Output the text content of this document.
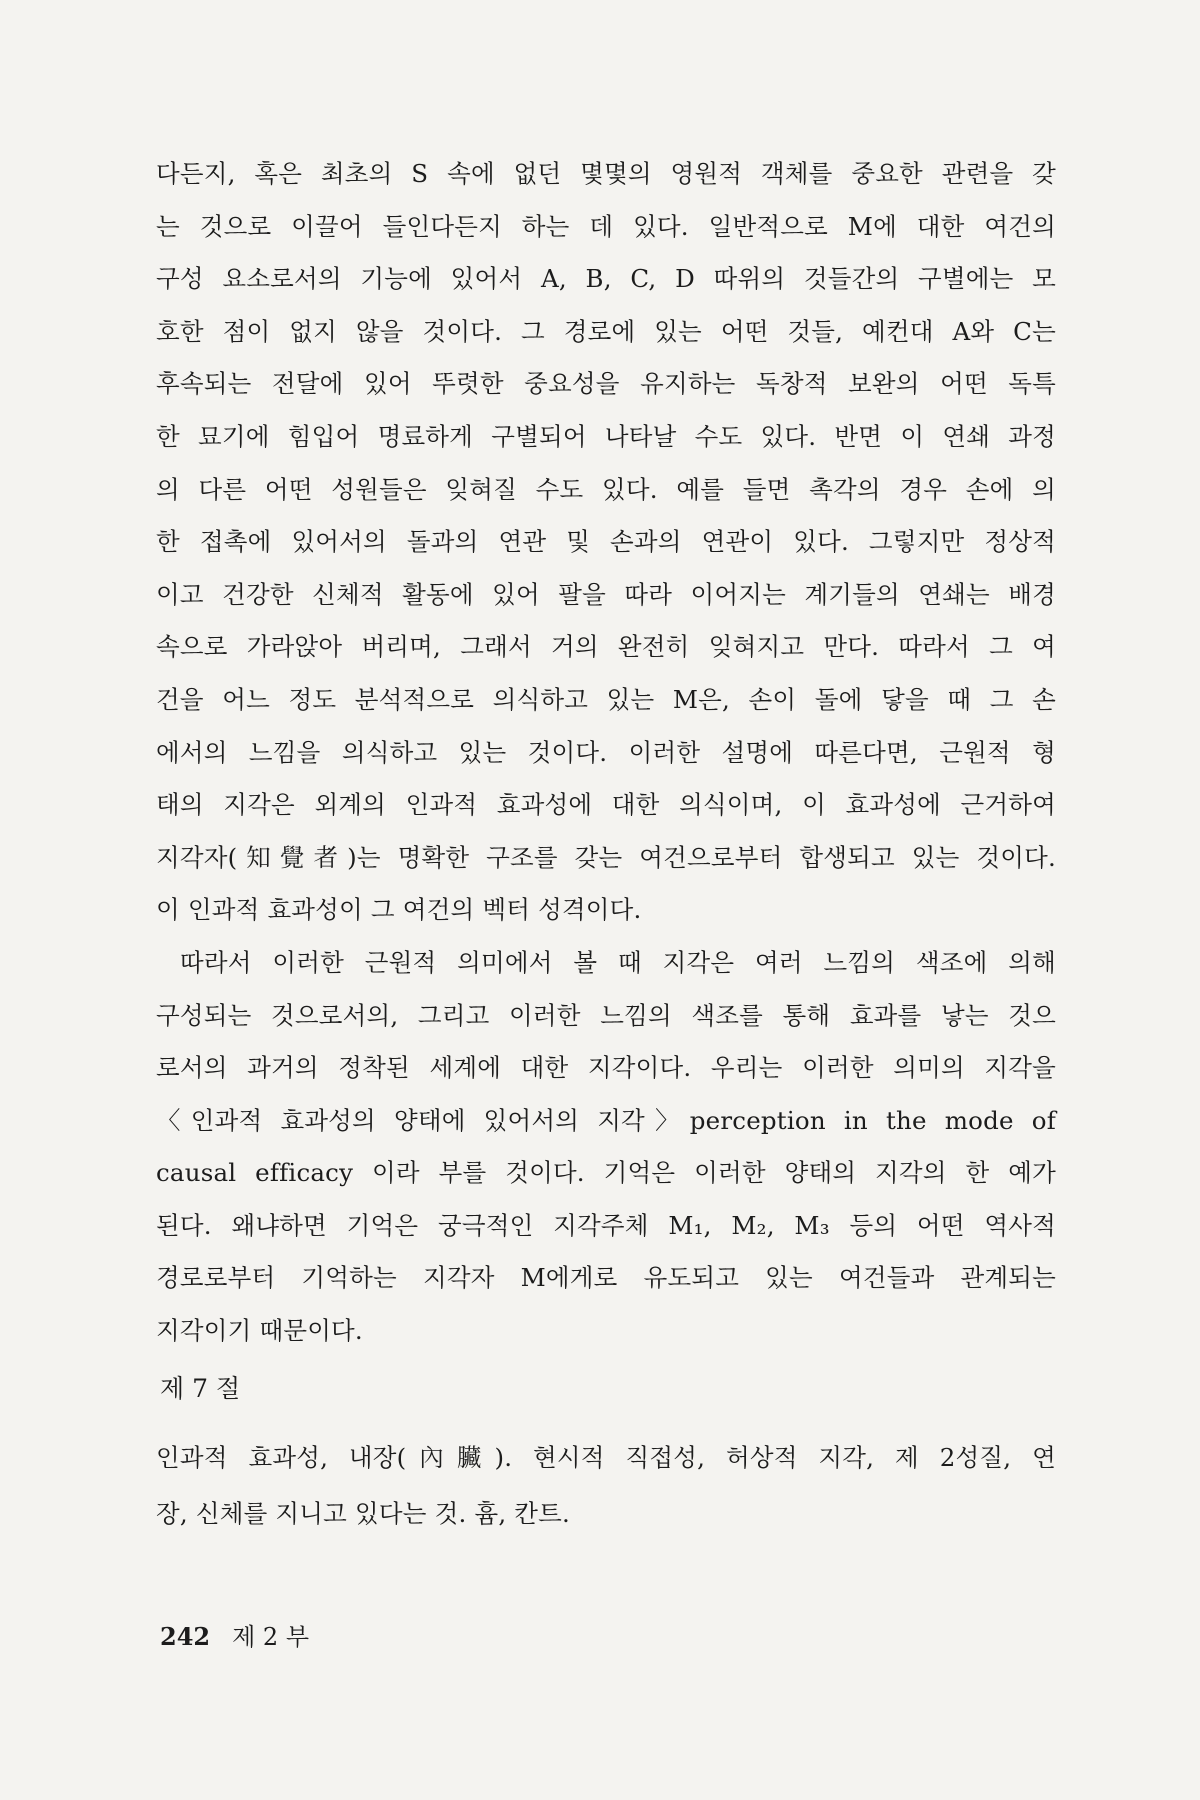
다든지, 혹은 최초의 S 속에 없던 몇몇의 영원적 객체를 중요한 관련을 갖
는 것으로 이끌어 들인다든지 하는 데 있다. 일반적으로 M에 대한 여건의
구성 요소로서의 기능에 있어서 A, B, C, D 따위의 것들간의 구별에는 모
호한 점이 없지 않을 것이다. 그 경로에 있는 어떤 것들, 예컨대 A와 C는
후속되는 전달에 있어 뚜렷한 중요성을 유지하는 독창적 보완의 어떤 독특
한 묘기에 힘입어 명료하게 구별되어 나타날 수도 있다. 반면 이 연쇄 과정
의 다른 어떤 성원들은 잊혀질 수도 있다. 예를 들면 촉각의 경우 손에 의
한 접촉에 있어서의 돌과의 연관 및 손과의 연관이 있다. 그렇지만 정상적
이고 건강한 신체적 활동에 있어 팔을 따라 이어지는 계기들의 연쇄는 배경
속으로 가라앉아 버리며, 그래서 거의 완전히 잊혀지고 만다. 따라서 그 여
건을 어느 정도 분석적으로 의식하고 있는 M은, 손이 돌에 닿을 때 그 손
에서의 느낌을 의식하고 있는 것이다. 이러한 설명에 따른다면, 근원적 형
태의 지각은 외계의 인과적 효과성에 대한 의식이며, 이 효과성에 근거하여
지각자(知覺者)는 명확한 구조를 갖는 여건으로부터 합생되고 있는 것이다.
이 인과적 효과성이 그 여건의 벡터 성격이다.
따라서 이러한 근원적 의미에서 볼 때 지각은 여러 느낌의 색조에 의해
구성되는 것으로서의, 그리고 이러한 느낌의 색조를 통해 효과를 낳는 것으
로서의 과거의 정착된 세계에 대한 지각이다. 우리는 이러한 의미의 지각을
〈인과적 효과성의 양태에 있어서의 지각〉perception in the mode of
causal efficacy 이라 부를 것이다. 기억은 이러한 양태의 지각의 한 예가
된다. 왜냐하면 기억은 궁극적인 지각주체 M₁, M₂, M₃ 등의 어떤 역사적
경로로부터 기억하는 지각자 M에게로 유도되고 있는 여건들과 관계되는
지각이기 때문이다.
제 7 절
인과적 효과성, 내장(內臟). 현시적 직접성, 허상적 지각, 제 2성질, 연
장, 신체를 지니고 있다는 것. 흄, 칸트.
242 제 2 부
